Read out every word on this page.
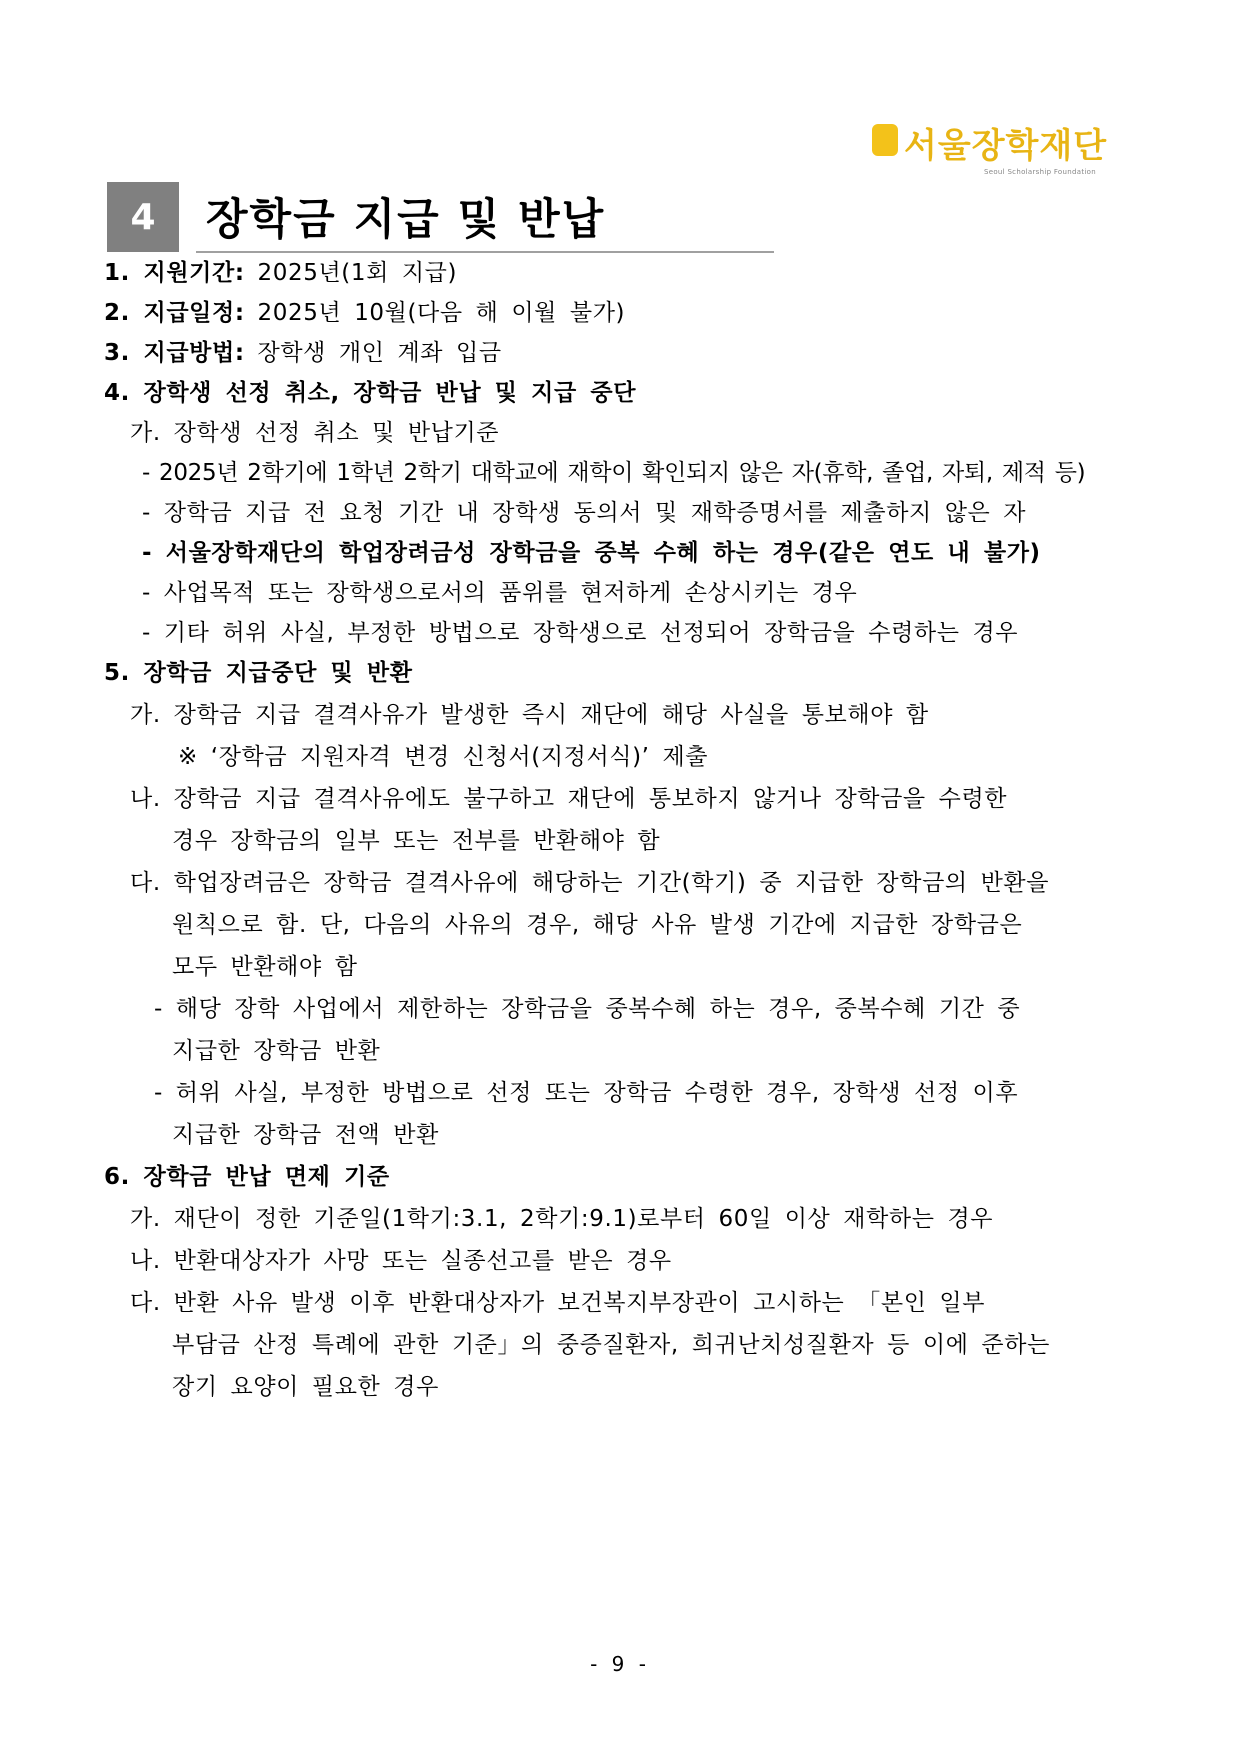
서울장학재단
Seoul Scholarship Foundation
4	장학금 지급 및 반납
1. 지원기간: 2025년(1회 지급)
2. 지급일정: 2025년 10월(다음 해 이월 불가)
3. 지급방법: 장학생 개인 계좌 입금
4. 장학생 선정 취소, 장학금 반납 및 지급 중단
가. 장학생 선정 취소 및 반납기준
- 2025년 2학기에 1학년 2학기 대학교에 재학이 확인되지 않은 자(휴학, 졸업, 자퇴, 제적 등)
- 장학금 지급 전 요청 기간 내 장학생 동의서 및 재학증명서를 제출하지 않은 자
- 서울장학재단의 학업장려금성 장학금을 중복 수혜 하는 경우(같은 연도 내 불가)
- 사업목적 또는 장학생으로서의 품위를 현저하게 손상시키는 경우
- 기타 허위 사실, 부정한 방법으로 장학생으로 선정되어 장학금을 수령하는 경우
5. 장학금 지급중단 및 반환
가. 장학금 지급 결격사유가 발생한 즉시 재단에 해당 사실을 통보해야 함
※ ‘장학금 지원자격 변경 신청서(지정서식)’ 제출
나. 장학금 지급 결격사유에도 불구하고 재단에 통보하지 않거나 장학금을 수령한
경우 장학금의 일부 또는 전부를 반환해야 함
다. 학업장려금은 장학금 결격사유에 해당하는 기간(학기) 중 지급한 장학금의 반환을
원칙으로 함. 단, 다음의 사유의 경우, 해당 사유 발생 기간에 지급한 장학금은
모두 반환해야 함
- 해당 장학 사업에서 제한하는 장학금을 중복수혜 하는 경우, 중복수혜 기간 중
지급한 장학금 반환
- 허위 사실, 부정한 방법으로 선정 또는 장학금 수령한 경우, 장학생 선정 이후
지급한 장학금 전액 반환
6. 장학금 반납 면제 기준
가. 재단이 정한 기준일(1학기:3.1, 2학기:9.1)로부터 60일 이상 재학하는 경우
나. 반환대상자가 사망 또는 실종선고를 받은 경우
다. 반환 사유 발생 이후 반환대상자가 보건복지부장관이 고시하는 「본인 일부
부담금 산정 특례에 관한 기준」의 중증질환자, 희귀난치성질환자 등 이에 준하는
장기 요양이 필요한 경우
- 9 -
